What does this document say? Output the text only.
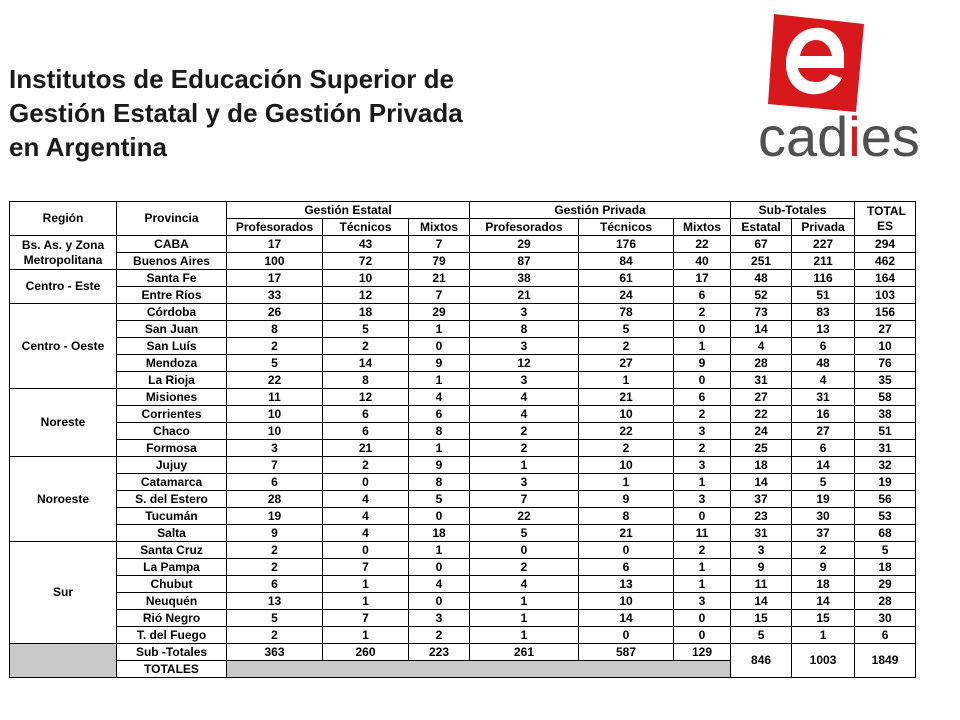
Institutos de Educación Superior de
Gestión Estatal y de Gestión Privada
en Argentina	cadies
Región	Provincia	Gestión Estatal			Gestión Privada			Sub-Totales		TOTAL ES
		Profesorados	Técnicos	Mixtos	Profesorados	Técnicos	Mixtos	Estatal	Privada	
Bs. As. y Zona Metropolitana	CABA	17	43	7	29	176	22	67	227	294
	Buenos Aires	100	72	79	87	84	40	251	211	462
Centro - Este	Santa Fe	17	10	21	38	61	17	48	116	164
	Entre Ríos	33	12	7	21	24	6	52	51	103
Centro - Oeste	Córdoba	26	18	29	3	78	2	73	83	156
	San Juan	8	5	1	8	5	0	14	13	27
	San Luís	2	2	0	3	2	1	4	6	10
	Mendoza	5	14	9	12	27	9	28	48	76
	La Rioja	22	8	1	3	1	0	31	4	35
Noreste	Misiones	11	12	4	4	21	6	27	31	58
	Corrientes	10	6	6	4	10	2	22	16	38
	Chaco	10	6	8	2	22	3	24	27	51
	Formosa	3	21	1	2	2	2	25	6	31
Noroeste	Jujuy	7	2	9	1	10	3	18	14	32
	Catamarca	6	0	8	3	1	1	14	5	19
	S. del Estero	28	4	5	7	9	3	37	19	56
	Tucumán	19	4	0	22	8	0	23	30	53
	Salta	9	4	18	5	21	11	31	37	68
Sur	Santa Cruz	2	0	1	0	0	2	3	2	5
	La Pampa	2	7	0	2	6	1	9	9	18
	Chubut	6	1	4	4	13	1	11	18	29
	Neuquén	13	1	0	1	10	3	14	14	28
	Rió Negro	5	7	3	1	14	0	15	15	30
	T. del Fuego	2	1	2	1	0	0	5	1	6
	Sub -Totales	363	260	223	261	587	129	846	1003	1849
	TOTALES									
